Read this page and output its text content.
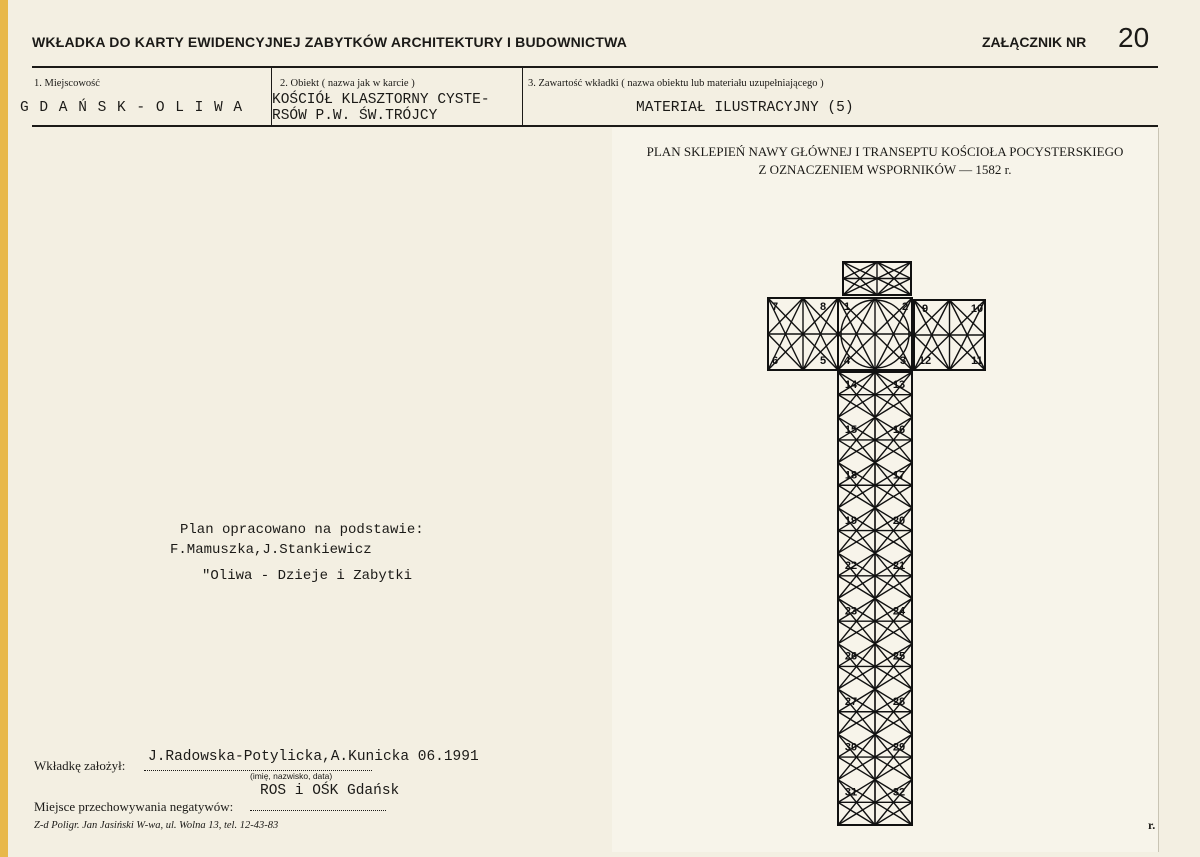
WKŁADKA DO KARTY EWIDENCYJNEJ ZABYTKÓW ARCHITEKTURY I BUDOWNICTWA	ZAŁĄCZNIK NR 20
1. Miejscowość
G D A Ń S K - O L I W A
2. Obiekt ( nazwa jak w karcie )
KOŚCIÓŁ KLASZTORNY CYSTE-
RSÓW P.W. ŚW.TRÓJCY
3. Zawartość wkładki ( nazwa obiektu lub materiału uzupełniającego )
MATERIAŁ ILUSTRACYJNY (5)
Plan opracowano na podstawie:
F.Mamuszka,J.Stankiewicz
"Oliwa - Dzieje i Zabytki
PLAN SKLEPIEŃ NAWY GŁÓWNEJ I TRANSEPTU KOŚCIOŁA POCYSTERSKIEGO
Z OZNACZENIEM WSPORNIKÓW — 1582 r.
r.
7	8
6	5
1	2
4	3
9	10
12	11
14	13
15	16
18	17
19	20
22	21
23	24
26	25
27	28
30	29
31	32
Wkładkę założył:
J.Radowska-Potylicka,A.Kunicka 06.1991
(imię, nazwisko, data)
ROS i OŚK Gdańsk
Miejsce przechowywania negatywów:
Z-d Poligr. Jan Jasiński W-wa, ul. Wolna 13, tel. 12-43-83
